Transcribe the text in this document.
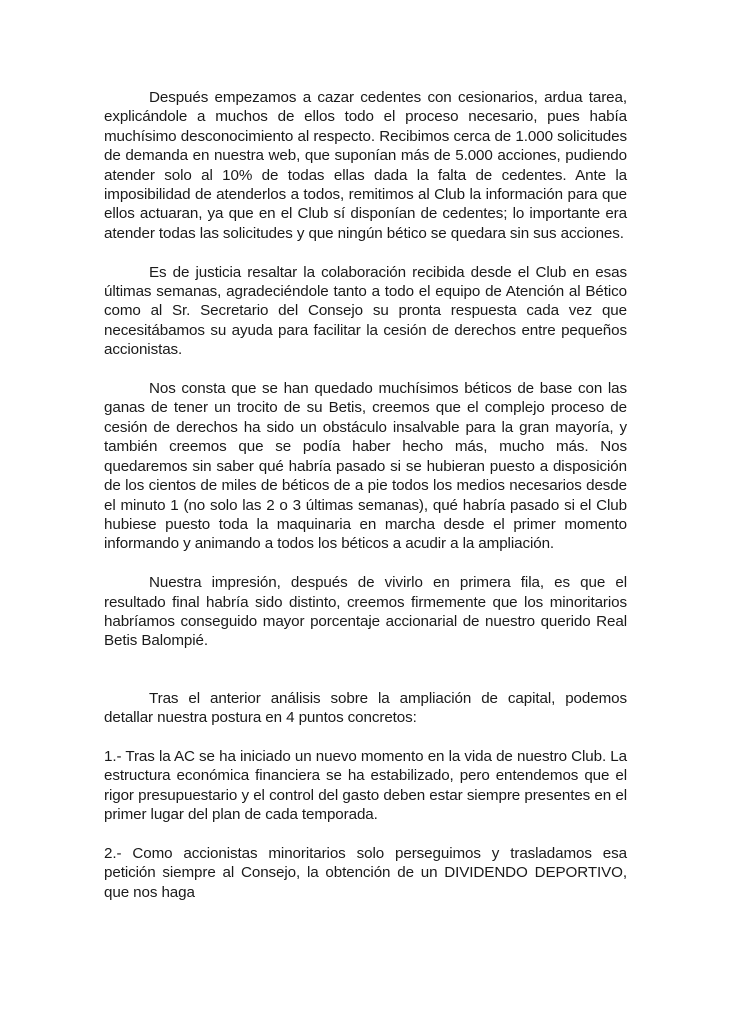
Después empezamos a cazar cedentes con cesionarios, ardua tarea, explicándole a muchos de ellos todo el proceso necesario, pues había muchísimo desconocimiento al respecto. Recibimos cerca de 1.000 solicitudes de demanda en nuestra web, que suponían más de 5.000 acciones, pudiendo atender solo al 10% de todas ellas dada la falta de cedentes. Ante la imposibilidad de atenderlos a todos, remitimos al Club la información para que ellos actuaran, ya que en el Club sí disponían de cedentes; lo importante era atender todas las solicitudes y que ningún bético se quedara sin sus acciones.

Es de justicia resaltar la colaboración recibida desde el Club en esas últimas semanas, agradeciéndole tanto a todo el equipo de Atención al Bético como al Sr. Secretario del Consejo su pronta respuesta cada vez que necesitábamos su ayuda para facilitar la cesión de derechos entre pequeños accionistas.

Nos consta que se han quedado muchísimos béticos de base con las ganas de tener un trocito de su Betis, creemos que el complejo proceso de cesión de derechos ha sido un obstáculo insalvable para la gran mayoría, y también creemos que se podía haber hecho más, mucho más. Nos quedaremos sin saber qué habría pasado si se hubieran puesto a disposición de los cientos de miles de béticos de a pie todos los medios necesarios desde el minuto 1 (no solo las 2 o 3 últimas semanas), qué habría pasado si el Club hubiese puesto toda la maquinaria en marcha desde el primer momento informando y animando a todos los béticos a acudir a la ampliación.

Nuestra impresión, después de vivirlo en primera fila, es que el resultado final habría sido distinto, creemos firmemente que los minoritarios habríamos conseguido mayor porcentaje accionarial de nuestro querido Real Betis Balompié.

Tras el anterior análisis sobre la ampliación de capital, podemos detallar nuestra postura en 4 puntos concretos:

1.- Tras la AC se ha iniciado un nuevo momento en la vida de nuestro Club. La estructura económica financiera se ha estabilizado, pero entendemos que el rigor presupuestario y el control del gasto deben estar siempre presentes en el primer lugar del plan de cada temporada.

2.- Como accionistas minoritarios solo perseguimos y trasladamos esa petición siempre al Consejo, la obtención de un DIVIDENDO DEPORTIVO, que nos haga
